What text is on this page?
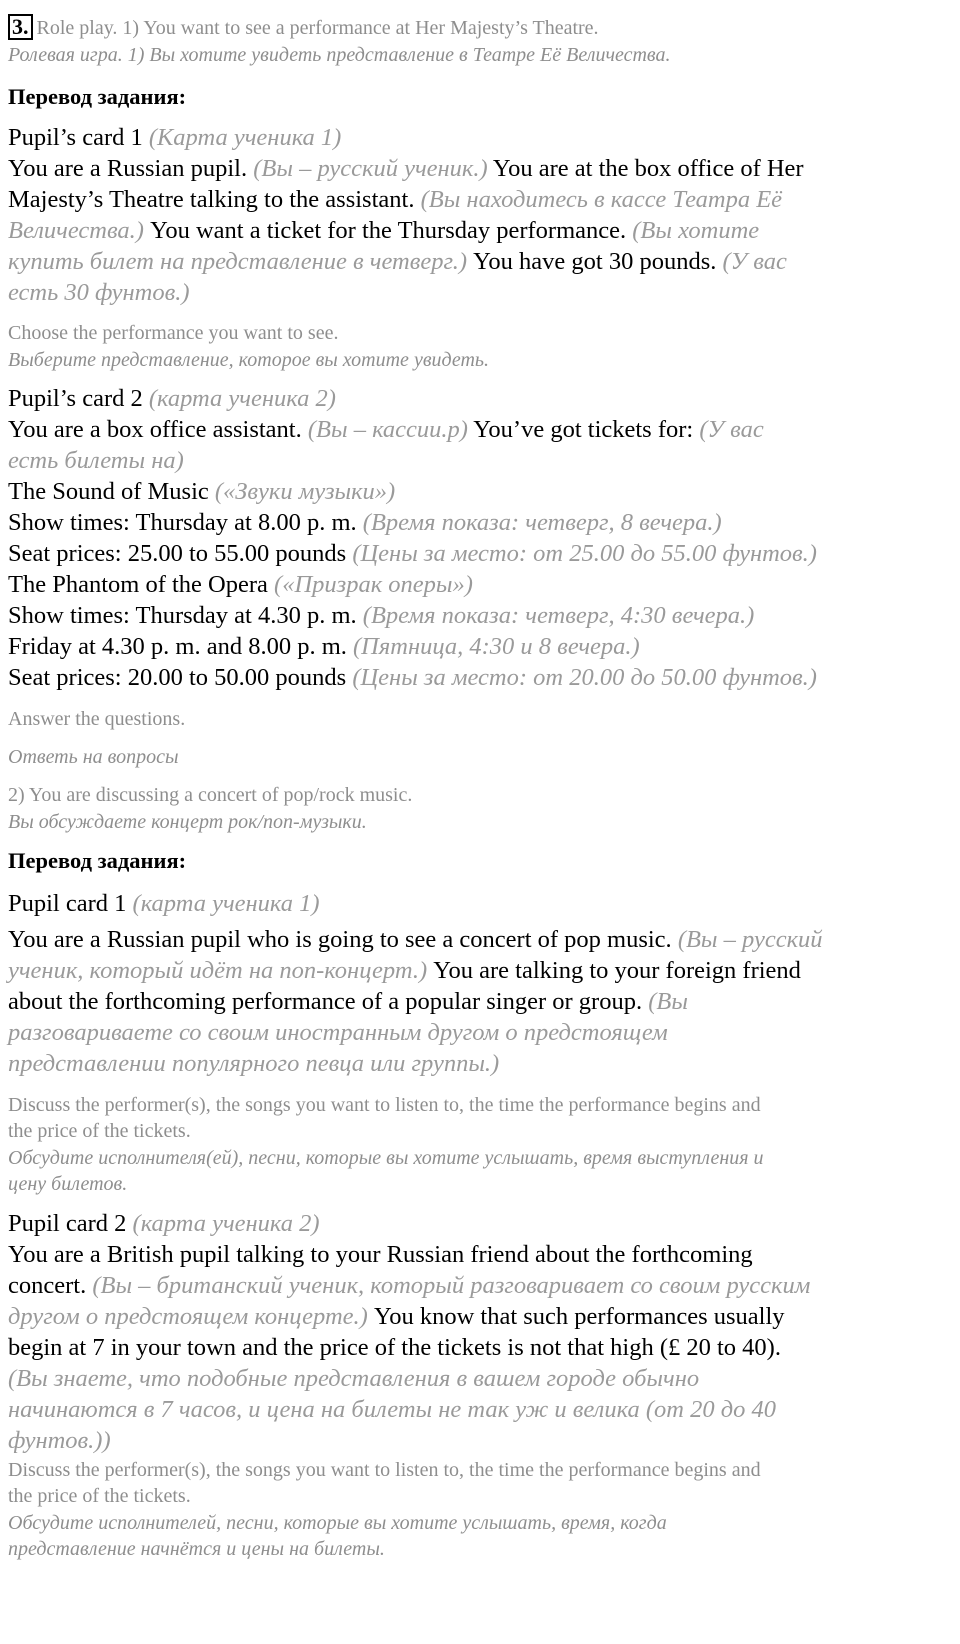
3. Role play. 1) You want to see a performance at Her Majesty’s Theatre.
Ролевая игра. 1) Вы хотите увидеть представление в Театре Её Величества.
Перевод задания:
Pupil’s card 1 (Карта ученика 1)
You are a Russian pupil. (Вы – русский ученик.) You are at the box office of Her
Majesty’s Theatre talking to the assistant. (Вы находитесь в кассе Театра Её
Величества.) You want a ticket for the Thursday performance. (Вы хотите
купить билет на представление в четверг.) You have got 30 pounds. (У вас
есть 30 фунтов.)
Choose the performance you want to see.
Выберите представление, которое вы хотите увидеть.
Pupil’s card 2 (карта ученика 2)
You are a box office assistant. (Вы – кассии.р) You’ve got tickets for: (У вас
есть билеты на)
The Sound of Music («Звуки музыки»)
Show times: Thursday at 8.00 p. m. (Время показа: четверг, 8 вечера.)
Seat prices: 25.00 to 55.00 pounds (Цены за место: от 25.00 до 55.00 фунтов.)
The Phantom of the Opera («Призрак оперы»)
Show times: Thursday at 4.30 p. m. (Время показа: четверг, 4:30 вечера.)
Friday at 4.30 p. m. and 8.00 p. m. (Пятница, 4:30 и 8 вечера.)
Seat prices: 20.00 to 50.00 pounds (Цены за место: от 20.00 до 50.00 фунтов.)
Answer the questions.
Ответь на вопросы
2) You are discussing a concert of pop/rock music.
Вы обсуждаете концерт рок/поп-музыки.
Перевод задания:
Pupil card 1 (карта ученика 1)
You are a Russian pupil who is going to see a concert of pop music. (Вы – русский
ученик, который идёт на поп-концерт.) You are talking to your foreign friend
about the forthcoming performance of a popular singer or group. (Вы
разговариваете со своим иностранным другом о предстоящем
представлении популярного певца или группы.)
Discuss the performer(s), the songs you want to listen to, the time the performance begins and
the price of the tickets.
Обсудите исполнителя(ей), песни, которые вы хотите услышать, время выступления и
цену билетов.
Pupil card 2 (карта ученика 2)
You are a British pupil talking to your Russian friend about the forthcoming
concert. (Вы – британский ученик, который разговаривает со своим русским
другом о предстоящем концерте.) You know that such performances usually
begin at 7 in your town and the price of the tickets is not that high (£ 20 to 40).
(Вы знаете, что подобные представления в вашем городе обычно
начинаются в 7 часов, и цена на билеты не так уж и велика (от 20 до 40
фунтов.))
Discuss the performer(s), the songs you want to listen to, the time the performance begins and
the price of the tickets.
Обсудите исполнителей, песни, которые вы хотите услышать, время, когда
представление начнётся и цены на билеты.
